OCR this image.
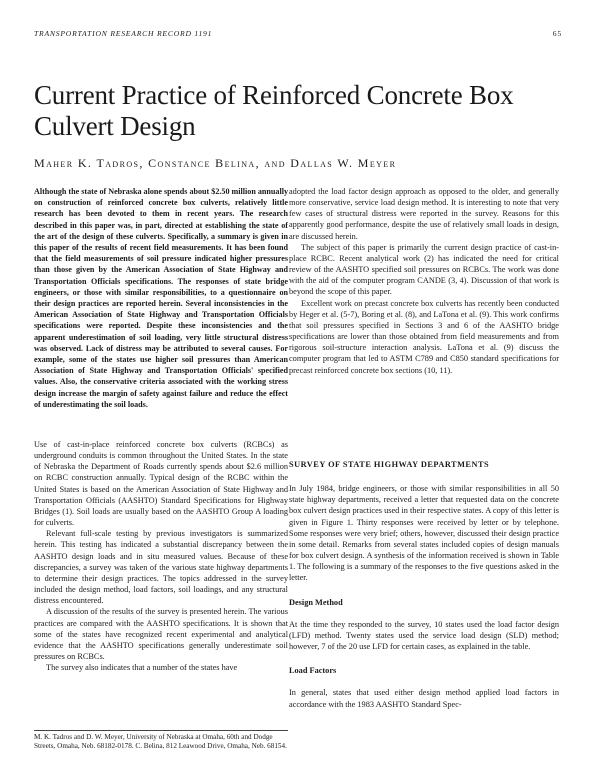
TRANSPORTATION RESEARCH RECORD 1191	65
Current Practice of Reinforced Concrete Box Culvert Design
Maher K. Tadros, Constance Belina, and Dallas W. Meyer

Although the state of Nebraska alone spends about $2.50 million annually on construction of reinforced concrete box culverts, relatively little research has been devoted to them in recent years. The research described in this paper was, in part, directed at establishing the state of the art of the design of these culverts. Specifically, a summary is given in this paper of the results of recent field measurements. It has been found that the field measurements of soil pressure indicated higher pressures than those given by the American Association of State Highway and Transportation Officials specifications. The responses of state bridge engineers, or those with similar responsibilities, to a questionnaire on their design practices are reported herein. Several inconsistencies in the American Association of State Highway and Transportation Officials specifications were reported. Despite these inconsistencies and the apparent underestimation of soil loading, very little structural distress was observed. Lack of distress may be attributed to several causes. For example, some of the states use higher soil pressures than American Association of State Highway and Transportation Officials' specified values. Also, the conservative criteria associated with the working stress design increase the margin of safety against failure and reduce the effect of underestimating the soil loads.

Use of cast-in-place reinforced concrete box culverts (RCBCs) as underground conduits is common throughout the United States. In the state of Nebraska the Department of Roads currently spends about $2.6 million on RCBC construction annually. Typical design of the RCBC within the United States is based on the American Association of State Highway and Transportation Officials (AASHTO) Standard Specifications for Highway Bridges (1). Soil loads are usually based on the AASHTO Group A loading for culverts.

Relevant full-scale testing by previous investigators is summarized herein. This testing has indicated a substantial discrepancy between the AASHTO design loads and in situ measured values. Because of these discrepancies, a survey was taken of the various state highway departments to determine their design practices. The topics addressed in the survey included the design method, load factors, soil loadings, and any structural distress encountered.

A discussion of the results of the survey is presented herein. The various practices are compared with the AASHTO specifications. It is shown that some of the states have recognized recent experimental and analytical evidence that the AASHTO specifications generally underestimate soil pressures on RCBCs.

The survey also indicates that a number of the states have

M. K. Tadros and D. W. Meyer, University of Nebraska at Omaha, 60th and Dodge Streets, Omaha, Neb. 68182-0178. C. Belina, 812 Leawood Drive, Omaha, Neb. 68154.

adopted the load factor design approach as opposed to the older, and generally more conservative, service load design method. It is interesting to note that very few cases of structural distress were reported in the survey. Reasons for this apparently good performance, despite the use of relatively small loads in design, are discussed herein.

The subject of this paper is primarily the current design practice of cast-in-place RCBC. Recent analytical work (2) has indicated the need for critical review of the AASHTO specified soil pressures on RCBCs. The work was done with the aid of the computer program CANDE (3, 4). Discussion of that work is beyond the scope of this paper.

Excellent work on precast concrete box culverts has recently been conducted by Heger et al. (5-7), Boring et al. (8), and LaTona et al. (9). This work confirms that soil pressures specified in Sections 3 and 6 of the AASHTO bridge specifications are lower than those obtained from field measurements and from rigorous soil-structure interaction analysis. LaTona et al. (9) discuss the computer program that led to ASTM C789 and C850 standard specifications for precast reinforced concrete box sections (10, 11).

SURVEY OF STATE HIGHWAY DEPARTMENTS

In July 1984, bridge engineers, or those with similar responsibilities in all 50 state highway departments, received a letter that requested data on the concrete box culvert design practices used in their respective states. A copy of this letter is given in Figure 1. Thirty responses were received by letter or by telephone. Some responses were very brief; others, however, discussed their design practice in some detail. Remarks from several states included copies of design manuals for box culvert design. A synthesis of the information received is shown in Table 1. The following is a summary of the responses to the five questions asked in the letter.

Design Method

At the time they responded to the survey, 10 states used the load factor design (LFD) method. Twenty states used the service load design (SLD) method; however, 7 of the 20 use LFD for certain cases, as explained in the table.

Load Factors

In general, states that used either design method applied load factors in accordance with the 1983 AASHTO Standard Spec-
